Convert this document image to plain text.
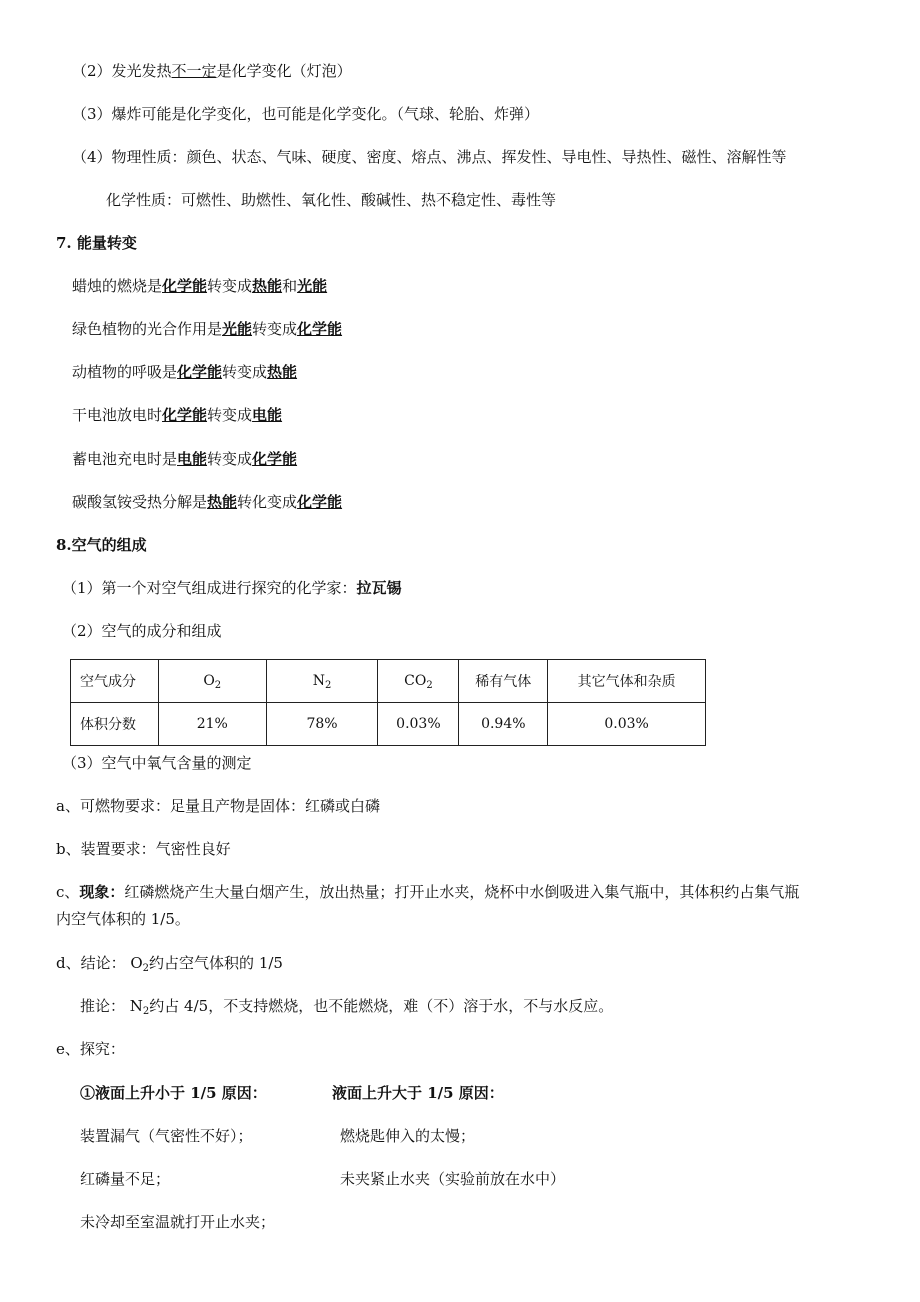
（2）发光发热不一定是化学变化（灯泡）
（3）爆炸可能是化学变化，也可能是化学变化。（气球、轮胎、炸弹）
（4）物理性质：颜色、状态、气味、硬度、密度、熔点、沸点、挥发性、导电性、导热性、磁性、溶解性等
化学性质：可燃性、助燃性、氧化性、酸碱性、热不稳定性、毒性等
7. 能量转变
蜡烛的燃烧是化学能转变成热能和光能
绿色植物的光合作用是光能转变成化学能
动植物的呼吸是化学能转变成热能
干电池放电时化学能转变成电能
蓄电池充电时是电能转变成化学能
碳酸氢铵受热分解是热能转化变成化学能
8.空气的组成
（1）第一个对空气组成进行探究的化学家：拉瓦锡
（2）空气的成分和组成
空气成分	$O_2$	$N_2$	$CO_2$	稀有气体	其它气体和杂质
体积分数	21%	78%	0.03%	0.94%	0.03%
（3）空气中氧气含量的测定
a、可燃物要求：足量且产物是固体：红磷或白磷
b、装置要求：气密性良好
c、现象：红磷燃烧产生大量白烟产生，放出热量；打开止水夹，烧杯中水倒吸进入集气瓶中，其体积约占集气瓶
内空气体积的 1/5。
d、结论： $O_2$约占空气体积的 1/5
推论： $N_2$约占 4/5，不支持燃烧，也不能燃烧，难（不）溶于水，不与水反应。
e、探究：
①液面上升小于 1/5 原因：	液面上升大于 1/5 原因：
装置漏气（气密性不好）；	燃烧匙伸入的太慢；
红磷量不足；	未夹紧止水夹（实验前放在水中）
未冷却至室温就打开止水夹；
